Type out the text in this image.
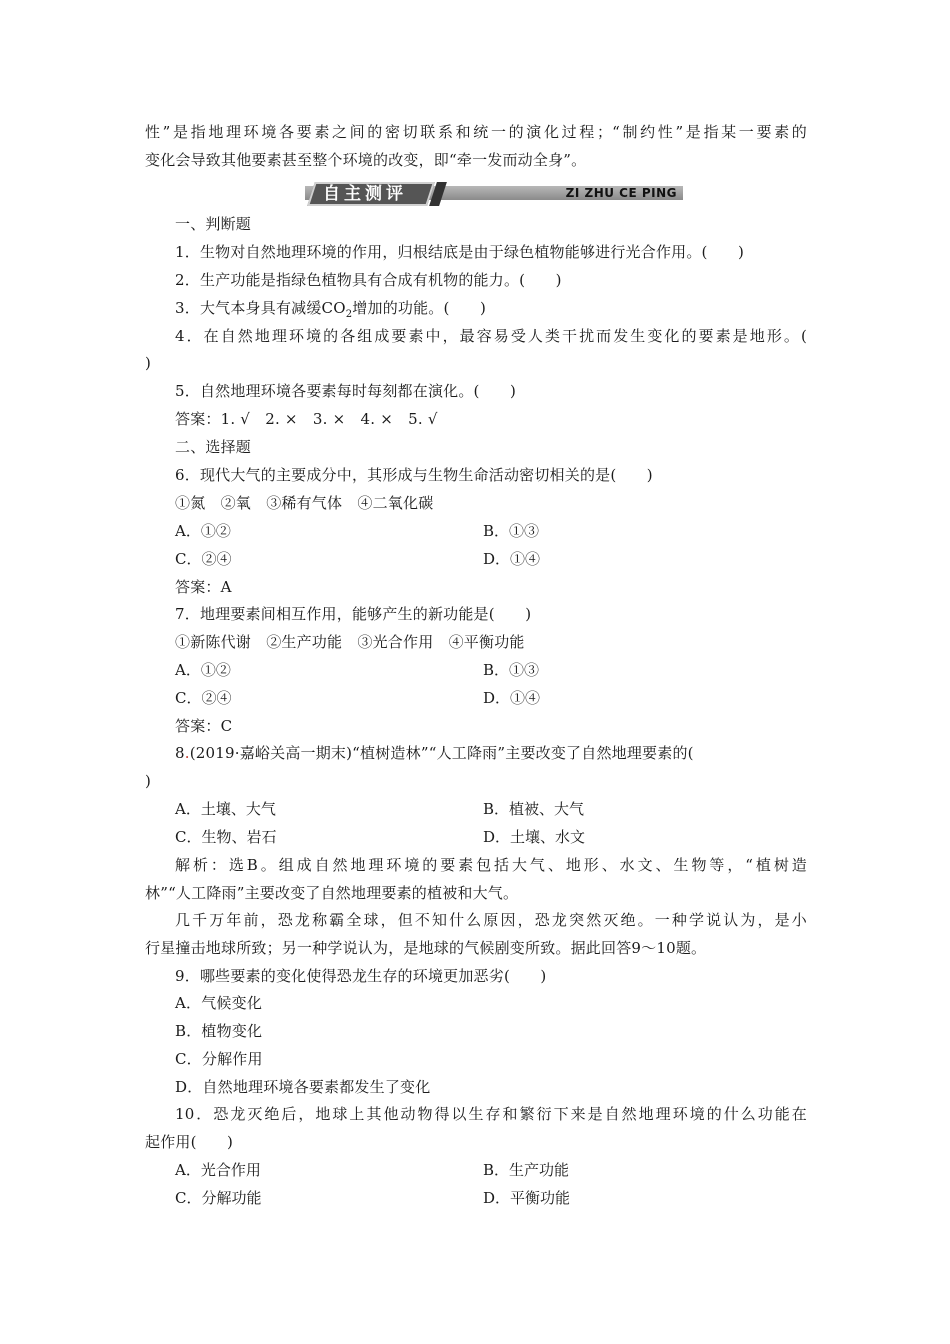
性”是指地理环境各要素之间的密切联系和统一的演化过程；“制约性”是指某一要素的
变化会导致其他要素甚至整个环境的改变，即“牵一发而动全身”。
自主测评	ZI ZHU CE PING
一、判断题
1．生物对自然地理环境的作用，归根结底是由于绿色植物能够进行光合作用。(　　)
2．生产功能是指绿色植物具有合成有机物的能力。(　　)
3．大气本身具有减缓$CO_2$增加的功能。(　　)
4．在自然地理环境的各组成要素中，最容易受人类干扰而发生变化的要素是地形。(
)
5．自然地理环境各要素每时每刻都在演化。(　　)
答案：1. √　2. ×　3. ×　4. ×　5. √
二、选择题
6．现代大气的主要成分中，其形成与生物生命活动密切相关的是(　　)
①氮　②氧　③稀有气体　④二氧化碳
A．①②	B．①③
C．②④	D．①④
答案：A
7．地理要素间相互作用，能够产生的新功能是(　　)
①新陈代谢　②生产功能　③光合作用　④平衡功能
A．①②	B．①③
C．②④	D．①④
答案：C
8.(2019·嘉峪关高一期末)“植树造林”“人工降雨”主要改变了自然地理要素的(
)
A．土壤、大气	B．植被、大气
C．生物、岩石	D．土壤、水文
解析：选B。组成自然地理环境的要素包括大气、地形、水文、生物等，“植树造
林”“人工降雨”主要改变了自然地理要素的植被和大气。
几千万年前，恐龙称霸全球，但不知什么原因，恐龙突然灭绝。一种学说认为，是小
行星撞击地球所致；另一种学说认为，是地球的气候剧变所致。据此回答9～10题。
9．哪些要素的变化使得恐龙生存的环境更加恶劣(　　)
A．气候变化
B．植物变化
C．分解作用
D．自然地理环境各要素都发生了变化
10．恐龙灭绝后，地球上其他动物得以生存和繁衍下来是自然地理环境的什么功能在
起作用(　　)
A．光合作用	B．生产功能
C．分解功能	D．平衡功能
